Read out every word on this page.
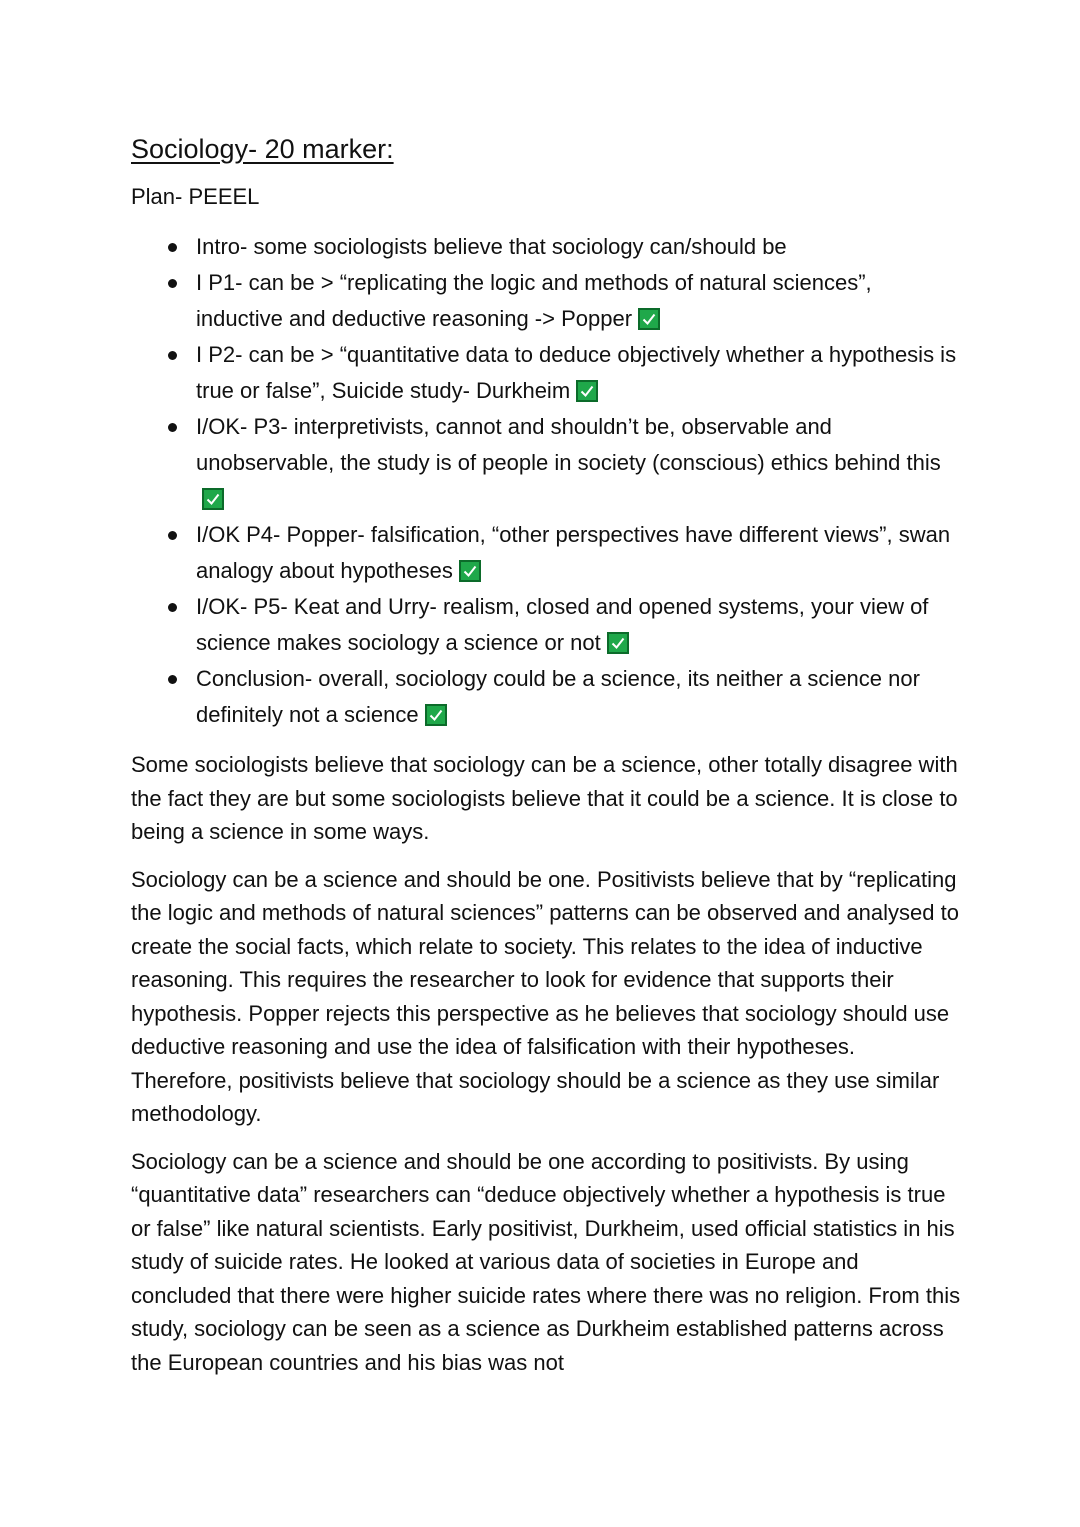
Sociology- 20 marker:

Plan- PEEEL

Intro- some sociologists believe that sociology can/should be
I P1- can be > “replicating the logic and methods of natural sciences”, inductive and deductive reasoning -> Popper
I P2- can be > “quantitative data to deduce objectively whether a hypothesis is true or false”, Suicide study- Durkheim
I/OK- P3- interpretivists, cannot and shouldn’t be, observable and unobservable, the study is of people in society (conscious) ethics behind this
I/OK P4- Popper- falsification, “other perspectives have different views”, swan analogy about hypotheses
I/OK- P5- Keat and Urry- realism, closed and opened systems, your view of science makes sociology a science or not
Conclusion- overall, sociology could be a science, its neither a science nor definitely not a science

Some sociologists believe that sociology can be a science, other totally disagree with the fact they are but some sociologists believe that it could be a science. It is close to being a science in some ways.

Sociology can be a science and should be one. Positivists believe that by “replicating the logic and methods of natural sciences” patterns can be observed and analysed to create the social facts, which relate to society. This relates to the idea of inductive reasoning. This requires the researcher to look for evidence that supports their hypothesis. Popper rejects this perspective as he believes that sociology should use deductive reasoning and use the idea of falsification with their hypotheses. Therefore, positivists believe that sociology should be a science as they use similar methodology.

Sociology can be a science and should be one according to positivists. By using “quantitative data” researchers can “deduce objectively whether a hypothesis is true or false” like natural scientists. Early positivist, Durkheim, used official statistics in his study of suicide rates. He looked at various data of societies in Europe and concluded that there were higher suicide rates where there was no religion. From this study, sociology can be seen as a science as Durkheim established patterns across the European countries and his bias was not
